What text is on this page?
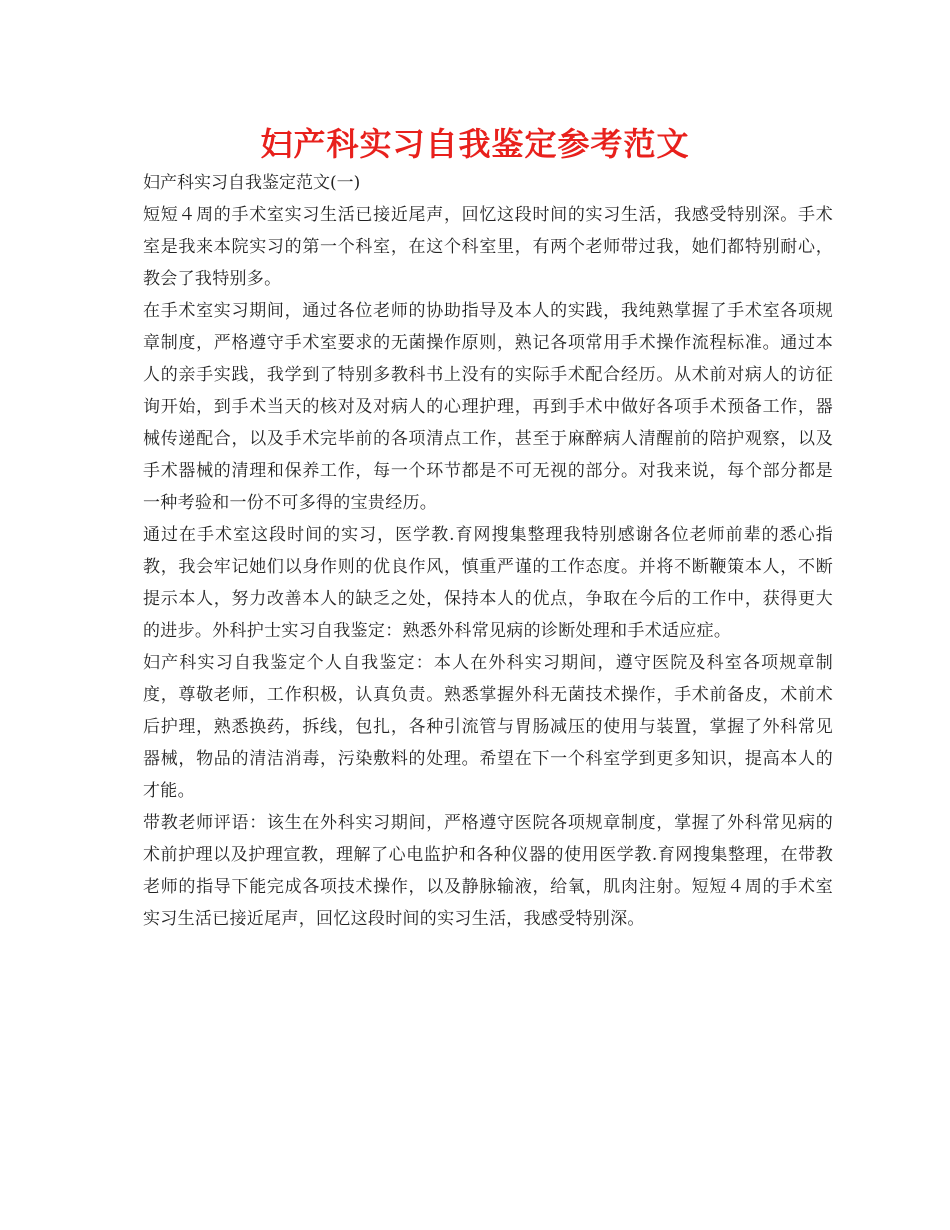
妇产科实习自我鉴定参考范文

妇产科实习自我鉴定范文(一)

短短４周的手术室实习生活已接近尾声，回忆这段时间的实习生活，我感受特别深。手术室是我来本院实习的第一个科室，在这个科室里，有两个老师带过我，她们都特别耐心，教会了我特别多。

在手术室实习期间，通过各位老师的协助指导及本人的实践，我纯熟掌握了手术室各项规章制度，严格遵守手术室要求的无菌操作原则，熟记各项常用手术操作流程标准。通过本人的亲手实践，我学到了特别多教科书上没有的实际手术配合经历。从术前对病人的访征询开始，到手术当天的核对及对病人的心理护理，再到手术中做好各项手术预备工作，器械传递配合，以及手术完毕前的各项清点工作，甚至于麻醉病人清醒前的陪护观察，以及手术器械的清理和保养工作，每一个环节都是不可无视的部分。对我来说，每个部分都是一种考验和一份不可多得的宝贵经历。

通过在手术室这段时间的实习，医学教.育网搜集整理我特别感谢各位老师前辈的悉心指教，我会牢记她们以身作则的优良作风，慎重严谨的工作态度。并将不断鞭策本人，不断提示本人，努力改善本人的缺乏之处，保持本人的优点，争取在今后的工作中，获得更大的进步。外科护士实习自我鉴定：熟悉外科常见病的诊断处理和手术适应症。

妇产科实习自我鉴定个人自我鉴定：本人在外科实习期间，遵守医院及科室各项规章制度，尊敬老师，工作积极，认真负责。熟悉掌握外科无菌技术操作，手术前备皮，术前术后护理，熟悉换药，拆线，包扎，各种引流管与胃肠减压的使用与装置，掌握了外科常见器械，物品的清洁消毒，污染敷料的处理。希望在下一个科室学到更多知识，提高本人的才能。

带教老师评语：该生在外科实习期间，严格遵守医院各项规章制度，掌握了外科常见病的术前护理以及护理宣教，理解了心电监护和各种仪器的使用医学教.育网搜集整理，在带教老师的指导下能完成各项技术操作，以及静脉输液，给氧，肌肉注射。短短４周的手术室实习生活已接近尾声，回忆这段时间的实习生活，我感受特别深。
